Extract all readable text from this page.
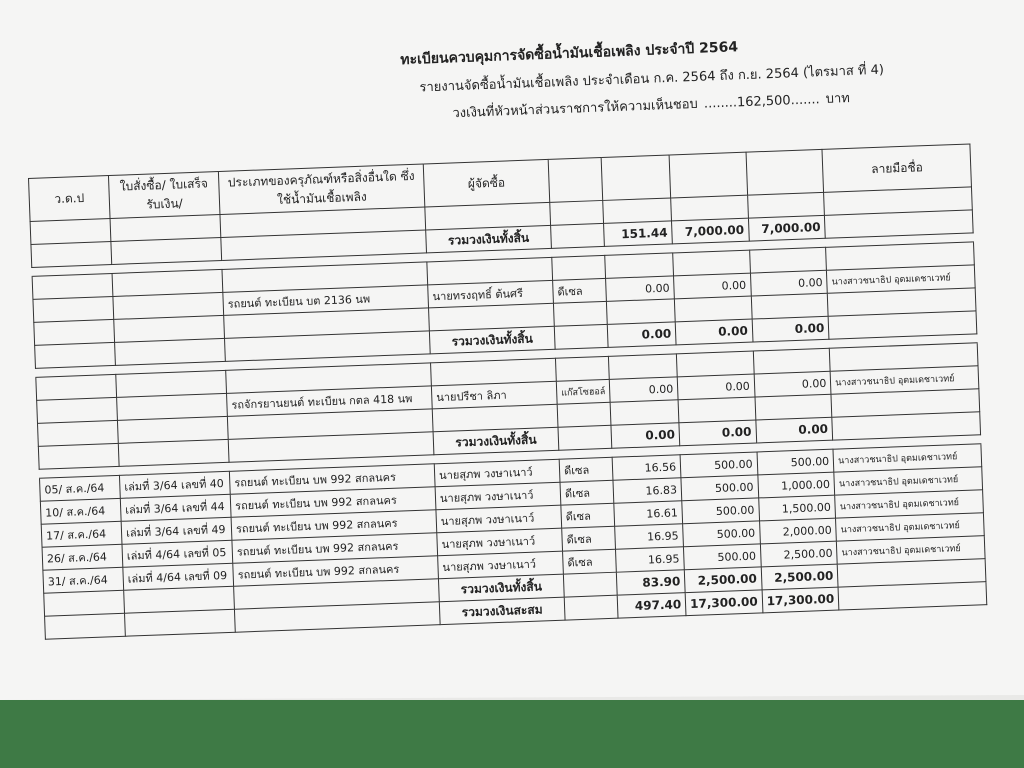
ทะเบียนควบคุมการจัดซื้อน้ำมันเชื้อเพลิง ประจำปี 2564
รายงานจัดซื้อน้ำมันเชื้อเพลิง ประจำเดือน ก.ค. 2564 ถึง ก.ย. 2564 (ไตรมาส ที่ 4)
วงเงินที่หัวหน้าส่วนราชการให้ความเห็นชอบ ........162,500....... บาท
ว.ด.ป	ใบสั่งซื้อ/ ใบเสร็จรับเงิน/	ประเภทของครุภัณฑ์หรือสิ่งอื่นใด ซึ่งใช้น้ำมันเชื้อเพลิง	ผู้จัดซื้อ					ลายมือชื่อ

			รวมวงเงินทั้งสิ้น		151.44	7,000.00	7,000.00	

		รถยนต์ ทะเบียน บต 2136 นพ	นายทรงฤทธิ์ ต้นศรี	ดีเซล	0.00	0.00	0.00	นางสาวชนาธิป อุดมเดชาเวทย์

			รวมวงเงินทั้งสิ้น		0.00	0.00	0.00	

		รถจักรยานยนต์ ทะเบียน กตล 418 นพ	นายปรีชา ลิภา	แก๊สโซฮอล์	0.00	0.00	0.00	นางสาวชนาธิป อุดมเดชาเวทย์

			รวมวงเงินทั้งสิ้น		0.00	0.00	0.00	

05/ ส.ค./64	เล่มที่ 3/64 เลขที่ 40	รถยนต์ ทะเบียน บพ 992 สกลนคร	นายสุภพ วงษาเนาว์	ดีเซล	16.56	500.00	500.00	นางสาวชนาธิป อุดมเดชาเวทย์
10/ ส.ค./64	เล่มที่ 3/64 เลขที่ 44	รถยนต์ ทะเบียน บพ 992 สกลนคร	นายสุภพ วงษาเนาว์	ดีเซล	16.83	500.00	1,000.00	นางสาวชนาธิป อุดมเดชาเวทย์
17/ ส.ค./64	เล่มที่ 3/64 เลขที่ 49	รถยนต์ ทะเบียน บพ 992 สกลนคร	นายสุภพ วงษาเนาว์	ดีเซล	16.61	500.00	1,500.00	นางสาวชนาธิป อุดมเดชาเวทย์
26/ ส.ค./64	เล่มที่ 4/64 เลขที่ 05	รถยนต์ ทะเบียน บพ 992 สกลนคร	นายสุภพ วงษาเนาว์	ดีเซล	16.95	500.00	2,000.00	นางสาวชนาธิป อุดมเดชาเวทย์
31/ ส.ค./64	เล่มที่ 4/64 เลขที่ 09	รถยนต์ ทะเบียน บพ 992 สกลนคร	นายสุภพ วงษาเนาว์	ดีเซล	16.95	500.00	2,500.00	นางสาวชนาธิป อุดมเดชาเวทย์
			รวมวงเงินทั้งสิ้น		83.90	2,500.00	2,500.00	
			รวมวงเงินสะสม		497.40	17,300.00	17,300.00	
